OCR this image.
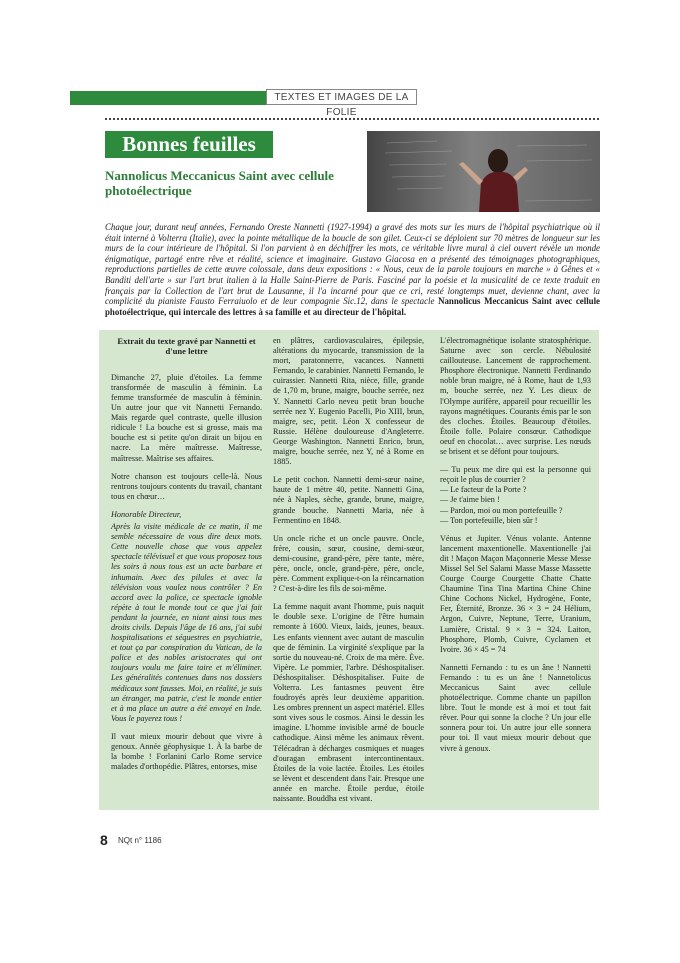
TEXTES ET IMAGES DE LA FOLIE
Bonnes feuilles
Nannolicus Meccanicus Saint avec cellule photoélectrique
Chaque jour, durant neuf années, Fernando Oreste Nannetti (1927-1994) a gravé des mots sur les murs de l'hôpital psychiatrique où il était interné à Volterra (Italie), avec la pointe métallique de la boucle de son gilet. Ceux-ci se déploient sur 70 mètres de longueur sur les murs de la cour intérieure de l'hôpital. Si l'on parvient à en déchiffrer les mots, ce véritable livre mural à ciel ouvert révèle un monde énigmatique, partagé entre rêve et réalité, science et imaginaire. Gustavo Giacosa en a présenté des témoignages photographiques, reproductions partielles de cette œuvre colossale, dans deux expositions : « Nous, ceux de la parole toujours en marche » à Gênes et « Banditi dell'arte » sur l'art brut italien à la Halle Saint-Pierre de Paris. Fasciné par la poésie et la musicalité de ce texte traduit en français par la Collection de l'art brut de Lausanne, il l'a incarné pour que ce cri, resté longtemps muet, devienne chant, avec la complicité du pianiste Fausto Ferraiuolo et de leur compagnie Sic.12, dans le spectacle Nannolicus Meccanicus Saint avec cellule photoélectrique, qui intercale des lettres à sa famille et au directeur de l'hôpital.

Extrait du texte gravé par Nannetti et d'une lettre

Dimanche 27, pluie d'étoiles. La femme transformée de masculin à féminin. La femme transformée de masculin à féminin. Un autre jour que vit Nannetti Fernando. Mais regarde quel contraste, quelle illusion ridicule ! La bouche est si grosse, mais ma bouche est si petite qu'on dirait un bijou en nacre. La mère maîtresse. Maîtresse, maîtresse. Maîtrise ses affaires.

Notre chanson est toujours celle-là. Nous rentrons toujours contents du travail, chantant tous en chœur…

Honorable Directeur,

Après la visite médicale de ce matin, il me semble nécessaire de vous dire deux mots. Cette nouvelle chose que vous appelez spectacle télévisuel et que vous proposez tous les soirs à nous tous est un acte barbare et inhumain. Avec des pilules et avec la télévision vous voulez nous contrôler ? En accord avec la police, ce spectacle ignoble répète à tout le monde tout ce que j'ai fait pendant la journée, en niant ainsi tous mes droits civils. Depuis l'âge de 16 ans, j'ai subi hospitalisations et séquestres en psychiatrie, et tout ça par conspiration du Vatican, de la police et des nobles aristocrates qui ont toujours voulu me faire taire et m'éliminer. Les généralités contenues dans nos dossiers médicaux sont fausses. Moi, en réalité, je suis un étranger, ma patrie, c'est le monde entier et à ma place un autre a été envoyé en Inde. Vous le payerez tous !

Il vaut mieux mourir debout que vivre à genoux. Année géophysique 1. À la barbe de la bombe ! Forlanini Carlo Rome service malades d'orthopédie. Plâtres, entorses, mise

en plâtres, cardiovasculaires, épilepsie, altérations du myocarde, transmission de la mort, paratonnerre, vacances. Nannetti Fernando, le carabinier. Nannetti Fernando, le cuirassier. Nannetti Rita, nièce, fille, grande de 1,70 m, brune, maigre, bouche serrée, nez Y. Nannetti Carlo neveu petit brun bouche serrée nez Y. Eugenio Pacelli, Pio XIII, brun, maigre, sec, petit. Léon X confesseur de Russie. Hélène douloureuse d'Angleterre. George Washington. Nannetti Enrico, brun, maigre, bouche serrée, nez Y, né à Rome en 1885.

Le petit cochon. Nannetti demi-sœur naine, haute de 1 mètre 40, petite. Nannetti Gina, née à Naples, sèche, grande, brune, maigre, grande bouche. Nannetti Maria, née à Fermentino en 1848.

Un oncle riche et un oncle pauvre. Oncle, frère, cousin, sœur, cousine, demi-sœur, demi-cousine, grand-père, père tante, mère, père, oncle, oncle, grand-père, père, oncle, père. Comment explique-t-on la réincarnation ? C'est-à-dire les fils de soi-même.

La femme naquit avant l'homme, puis naquit le double sexe. L'origine de l'être humain remonte à 1600. Vieux, laids, jeunes, beaux. Les enfants viennent avec autant de masculin que de féminin. La virginité s'explique par la sortie du nouveau-né. Croix de ma mère. Ève. Vipère. Le pommier, l'arbre. Déshospitaliser. Déshospitaliser. Déshospitaliser. Fuite de Volterra. Les fantasmes peuvent être foudroyés après leur deuxième apparition. Les ombres prennent un aspect matériel. Elles sont vives sous le cosmos. Ainsi le dessin les imagine. L'homme invisible armé de boucle cathodique. Ainsi même les animaux rêvent. Télécadran à décharges cosmiques et nuages d'ouragan embrasent intercontinentaux. Étoiles de la voie lactée. Étoiles. Les étoiles se lèvent et descendent dans l'air. Presque une année en marche. Étoile perdue, étoile naissante. Bouddha est vivant.

L'électromagnétique isolante stratosphérique. Saturne avec son cercle. Nébulosité caillouteuse. Lancement de rapprochement. Phosphore électronique. Nannetti Ferdinando noble brun maigre, né à Rome, haut de 1,93 m, bouche serrée, nez Y. Les dieux de l'Olympe aurifère, appareil pour recueillir les rayons magnétiques. Courants émis par le son des cloches. Étoiles. Beaucoup d'étoiles. Étoile folle. Polaire consœur. Cathodique oeuf en chocolat… avec surprise. Les nœuds se brisent et se défont pour toujours.

— Tu peux me dire qui est la personne qui reçoit le plus de courrier ?

— Le facteur de la Porte ?

— Je t'aime bien !

— Pardon, moi ou mon portefeuille ?

— Ton portefeuille, bien sûr !

Vénus et Jupiter. Vénus volante. Antenne lancement maxentionelle. Maxentionelle j'ai dit ! Maçon Maçon Maçonnerie Messe Messe Missel Sel Sel Salami Masse Masse Massette Courge Courge Courgette Chatte Chatte Chaumine Tina Tina Martina Chine Chine Chine Cochons Nickel, Hydrogène, Fonte, Fer, Éternité, Bronze. 36 × 3 = 24 Hélium, Argon, Cuivre, Neptune, Terre, Uranium, Lumière, Cristal. 9 × 3 = 324. Laiton, Phosphore, Plomb, Cuivre, Cyclamen et Ivoire. 36 × 45 = 74

Nannetti Fernando : tu es un âne ! Nannetti Fernando : tu es un âne ! Nannetolicus Meccanicus Saint avec cellule photoélectrique. Comme chante un papillon libre. Tout le monde est à moi et tout fait rêver. Pour qui sonne la cloche ? Un jour elle sonnera pour toi. Un autre jour elle sonnera pour toi. Il vaut mieux mourir debout que vivre à genoux.

8 NQt n° 1186
